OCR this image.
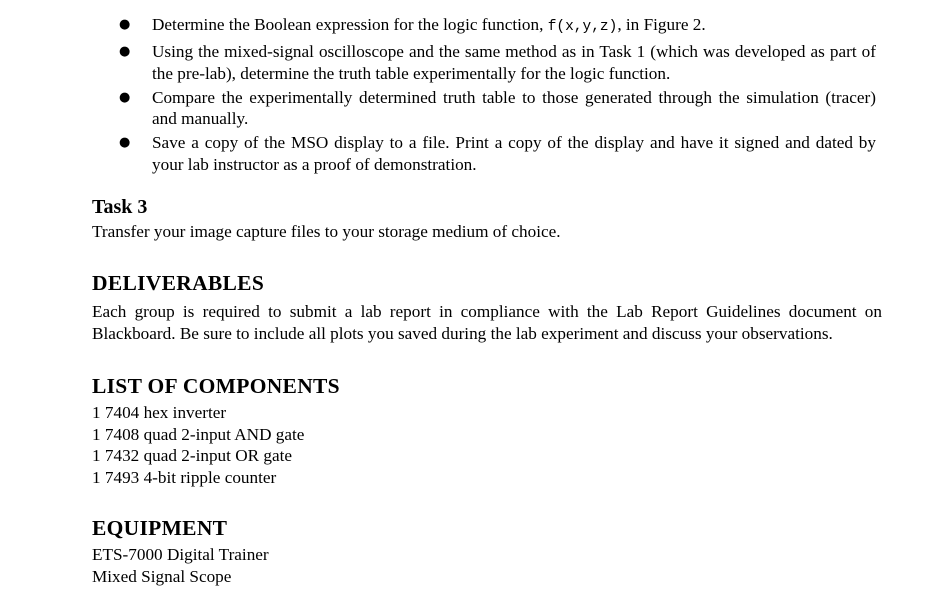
● Determine the Boolean expression for the logic function, f(x,y,z), in Figure 2.
● Using the mixed-signal oscilloscope and the same method as in Task 1 (which was developed as part of the pre-lab), determine the truth table experimentally for the logic function.
● Compare the experimentally determined truth table to those generated through the simulation (tracer) and manually.
● Save a copy of the MSO display to a file. Print a copy of the display and have it signed and dated by your lab instructor as a proof of demonstration.
Task 3
Transfer your image capture files to your storage medium of choice.
DELIVERABLES
Each group is required to submit a lab report in compliance with the Lab Report Guidelines document on Blackboard. Be sure to include all plots you saved during the lab experiment and discuss your observations.
LIST OF COMPONENTS
1 7404 hex inverter
1 7408 quad 2-input AND gate
1 7432 quad 2-input OR gate
1 7493 4-bit ripple counter
EQUIPMENT
ETS-7000 Digital Trainer
Mixed Signal Scope
